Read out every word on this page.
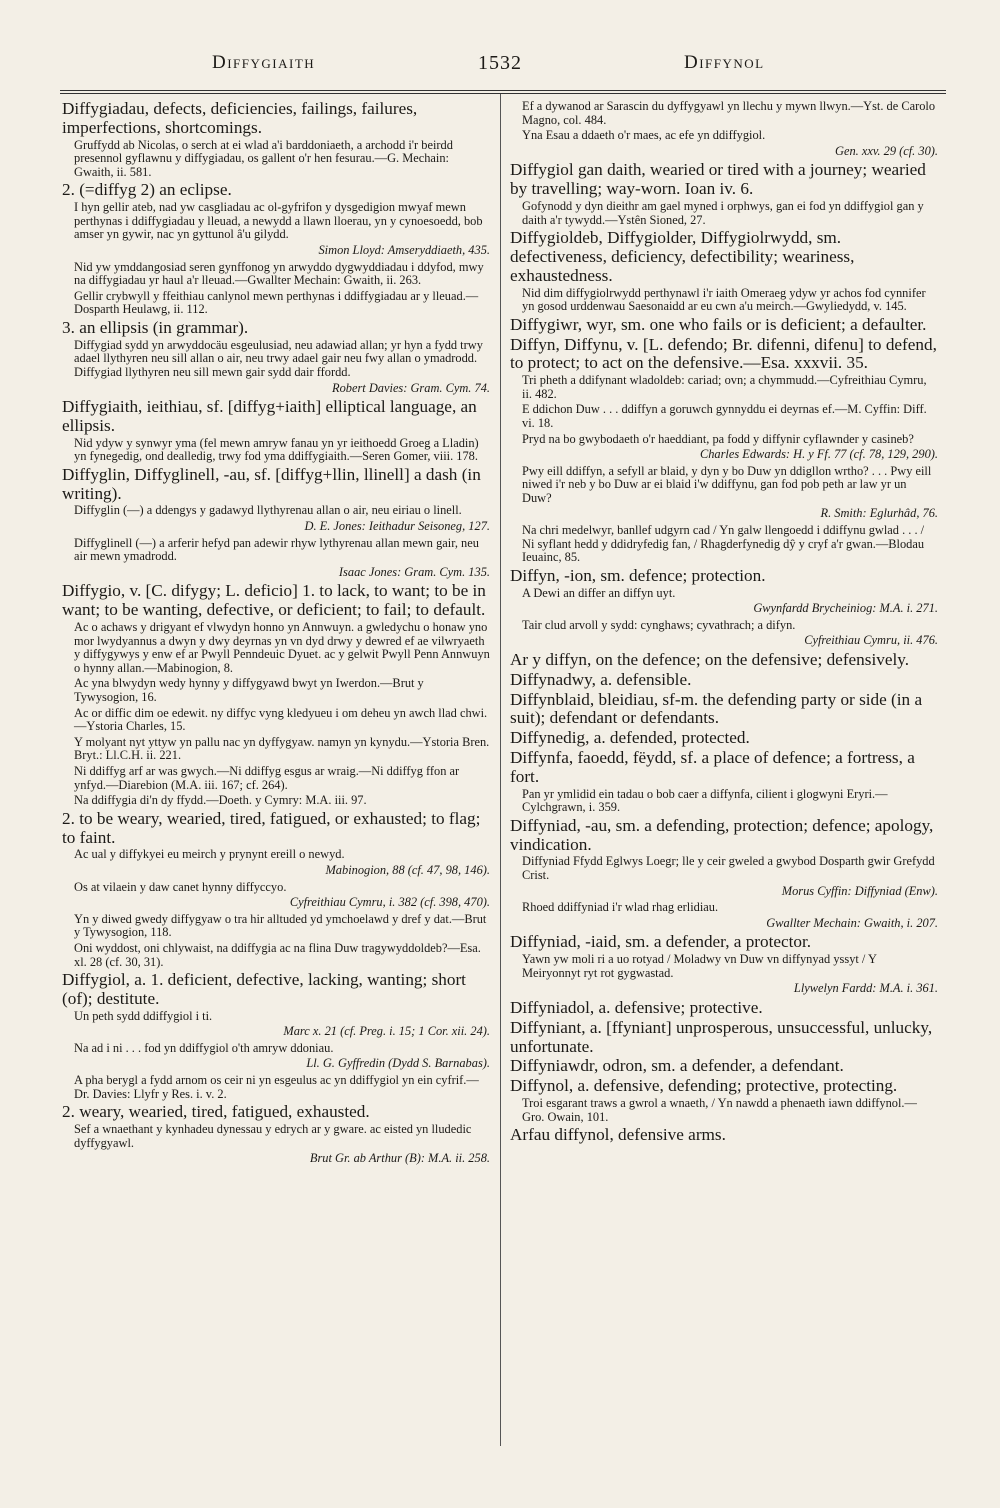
Diffygiaith	1532	Diffynol

Diffygiadau, defects, deficiencies, failings, failures, imperfections, shortcomings.

Gruffydd ab Nicolas, o serch at ei wlad a'i barddoniaeth, a archodd i'r beirdd presennol gyflawnu y diffygiadau, os gallent o'r hen fesurau.—G. Mechain: Gwaith, ii. 581.

2. (=diffyg 2) an eclipse.

I hyn gellir ateb, nad yw casgliadau ac ol-gyfrifon y dysgedigion mwyaf mewn perthynas i ddiffygiadau y lleuad, a newydd a llawn lloerau, yn y cynoesoedd, bob amser yn gywir, nac yn gyttunol â'u gilydd.

Simon Lloyd: Amseryddiaeth, 435.

Nid yw ymddangosiad seren gynffonog yn arwyddo dygwyddiadau i ddyfod, mwy na diffygiadau yr haul a'r lleuad.—Gwallter Mechain: Gwaith, ii. 263.

Gellir crybwyll y ffeithiau canlynol mewn perthynas i ddiffygiadau ar y lleuad.—Dosparth Heulawg, ii. 112.

3. an ellipsis (in grammar).

Diffygiad sydd yn arwyddocäu esgeulusiad, neu adawiad allan; yr hyn a fydd trwy adael llythyren neu sill allan o air, neu trwy adael gair neu fwy allan o ymadrodd. Diffygiad llythyren neu sill mewn gair sydd dair ffordd.

Robert Davies: Gram. Cym. 74.

Diffygiaith, ieithiau, sf. [diffyg+iaith] elliptical language, an ellipsis.

Nid ydyw y synwyr yma (fel mewn amryw fanau yn yr ieithoedd Groeg a Lladin) yn fynegedig, ond dealledig, trwy fod yma ddiffygiaith.—Seren Gomer, viii. 178.

Diffyglin, Diffyglinell, -au, sf. [diffyg+llin, llinell] a dash (in writing).

Diffyglin (—) a ddengys y gadawyd llythyrenau allan o air, neu eiriau o linell.

D. E. Jones: Ieithadur Seisoneg, 127.

Diffyglinell (—) a arferir hefyd pan adewir rhyw lythyrenau allan mewn gair, neu air mewn ymadrodd.

Isaac Jones: Gram. Cym. 135.

Diffygio, v. [C. difygy; L. deficio] 1. to lack, to want; to be in want; to be wanting, defective, or deficient; to fail; to default.

Ac o achaws y drigyant ef vlwydyn honno yn Annwuyn. a gwledychu o honaw yno mor lwydyannus a dwyn y dwy deyrnas yn vn dyd drwy y dewred ef ae vilwryaeth y diffygywys y enw ef ar Pwyll Penndeuic Dyuet. ac y gelwit Pwyll Penn Annwuyn o hynny allan.—Mabinogion, 8.

Ac yna blwydyn wedy hynny y diffygyawd bwyt yn Iwerdon.—Brut y Tywysogion, 16.

Ac or diffic dim oe edewit. ny diffyc vyng kledyueu i om deheu yn awch llad chwi.—Ystoria Charles, 15.

Y molyant nyt yttyw yn pallu nac yn dyffygyaw. namyn yn kynydu.—Ystoria Bren. Bryt.: Ll.C.H. ii. 221.

Ni ddiffyg arf ar was gwych.—Ni ddiffyg esgus ar wraig.—Ni ddiffyg ffon ar ynfyd.—Diarebion (M.A. iii. 167; cf. 264).

Na ddiffygia di'n dy ffydd.—Doeth. y Cymry: M.A. iii. 97.

2. to be weary, wearied, tired, fatigued, or exhausted; to flag; to faint.

Ac ual y diffykyei eu meirch y prynynt ereill o newyd.

Mabinogion, 88 (cf. 47, 98, 146).

Os at vilaein y daw canet hynny diffyccyo.

Cyfreithiau Cymru, i. 382 (cf. 398, 470).

Yn y diwed gwedy diffygyaw o tra hir alltuded yd ymchoelawd y dref y dat.—Brut y Tywysogion, 118.

Oni wyddost, oni chlywaist, na ddiffygia ac na flina Duw tragywyddoldeb?—Esa. xl. 28 (cf. 30, 31).

Diffygiol, a. 1. deficient, defective, lacking, wanting; short (of); destitute.

Un peth sydd ddiffygiol i ti.

Marc x. 21 (cf. Preg. i. 15; 1 Cor. xii. 24).

Na ad i ni . . . fod yn ddiffygiol o'th amryw ddoniau.

Ll. G. Gyffredin (Dydd S. Barnabas).

A pha berygl a fydd arnom os ceir ni yn esgeulus ac yn ddiffygiol yn ein cyfrif.—Dr. Davies: Llyfr y Res. i. v. 2.

2. weary, wearied, tired, fatigued, exhausted.

Sef a wnaethant y kynhadeu dynessau y edrych ar y gware. ac eisted yn lludedic dyffygyawl.

Brut Gr. ab Arthur (B): M.A. ii. 258.

Ef a dywanod ar Sarascin du dyffygyawl yn llechu y mywn llwyn.—Yst. de Carolo Magno, col. 484.

Yna Esau a ddaeth o'r maes, ac efe yn ddiffygiol.

Gen. xxv. 29 (cf. 30).

Diffygiol gan daith, wearied or tired with a journey; wearied by travelling; way-worn. Ioan iv. 6.

Gofynodd y dyn dieithr am gael myned i orphwys, gan ei fod yn ddiffygiol gan y daith a'r tywydd.—Ystên Sioned, 27.

Diffygioldeb, Diffygiolder, Diffygiolrwydd, sm. defectiveness, deficiency, defectibility; weariness, exhaustedness.

Nid dim diffygiolrwydd perthynawl i'r iaith Omeraeg ydyw yr achos fod cynnifer yn gosod urddenwau Saesonaidd ar eu cwn a'u meirch.—Gwyliedydd, v. 145.

Diffygiwr, wyr, sm. one who fails or is deficient; a defaulter.

Diffyn, Diffynu, v. [L. defendo; Br. difenni, difenu] to defend, to protect; to act on the defensive.—Esa. xxxvii. 35.

Tri pheth a ddifynant wladoldeb: cariad; ovn; a chymmudd.—Cyfreithiau Cymru, ii. 482.

E ddichon Duw . . . ddiffyn a goruwch gynnyddu ei deyrnas ef.—M. Cyffin: Diff. vi. 18.

Pryd na bo gwybodaeth o'r haeddiant, pa fodd y diffynir cyflawnder y casineb?

Charles Edwards: H. y Ff. 77 (cf. 78, 129, 290).

Pwy eill ddiffyn, a sefyll ar blaid, y dyn y bo Duw yn ddigllon wrtho? . . . Pwy eill niwed i'r neb y bo Duw ar ei blaid i'w ddiffynu, gan fod pob peth ar law yr un Duw?

R. Smith: Eglurhâd, 76.

Na chri medelwyr, banllef udgyrn cad / Yn galw llengoedd i ddiffynu gwlad . . . / Ni syflant hedd y ddidryfedig fan, / Rhagderfynedig dŷ y cryf a'r gwan.—Blodau Ieuainc, 85.

Diffyn, -ion, sm. defence; protection.

A Dewi an differ an diffyn uyt.

Gwynfardd Brycheiniog: M.A. i. 271.

Tair clud arvoll y sydd: cynghaws; cyvathrach; a difyn.

Cyfreithiau Cymru, ii. 476.

Ar y diffyn, on the defence; on the defensive; defensively.

Diffynadwy, a. defensible.

Diffynblaid, bleidiau, sf-m. the defending party or side (in a suit); defendant or defendants.

Diffynedig, a. defended, protected.

Diffynfa, faoedd, fëydd, sf. a place of defence; a fortress, a fort.

Pan yr ymlidid ein tadau o bob caer a diffynfa, cilient i glogwyni Eryri.—Cylchgrawn, i. 359.

Diffyniad, -au, sm. a defending, protection; defence; apology, vindication.

Diffyniad Ffydd Eglwys Loegr; lle y ceir gweled a gwybod Dosparth gwir Grefydd Crist.

Morus Cyffin: Diffyniad (Enw).

Rhoed ddiffyniad i'r wlad rhag erlidiau.

Gwallter Mechain: Gwaith, i. 207.

Diffyniad, -iaid, sm. a defender, a protector.

Yawn yw moli ri a uo rotyad / Moladwy vn Duw vn diffynyad yssyt / Y Meiryonnyt ryt rot gygwastad.

Llywelyn Fardd: M.A. i. 361.

Diffyniadol, a. defensive; protective.

Diffyniant, a. [ffyniant] unprosperous, unsuccessful, unlucky, unfortunate.

Diffyniawdr, odron, sm. a defender, a defendant.

Diffynol, a. defensive, defending; protective, protecting.

Troi esgarant traws a gwrol a wnaeth, / Yn nawdd a phenaeth iawn ddiffynol.—Gro. Owain, 101.

Arfau diffynol, defensive arms.
